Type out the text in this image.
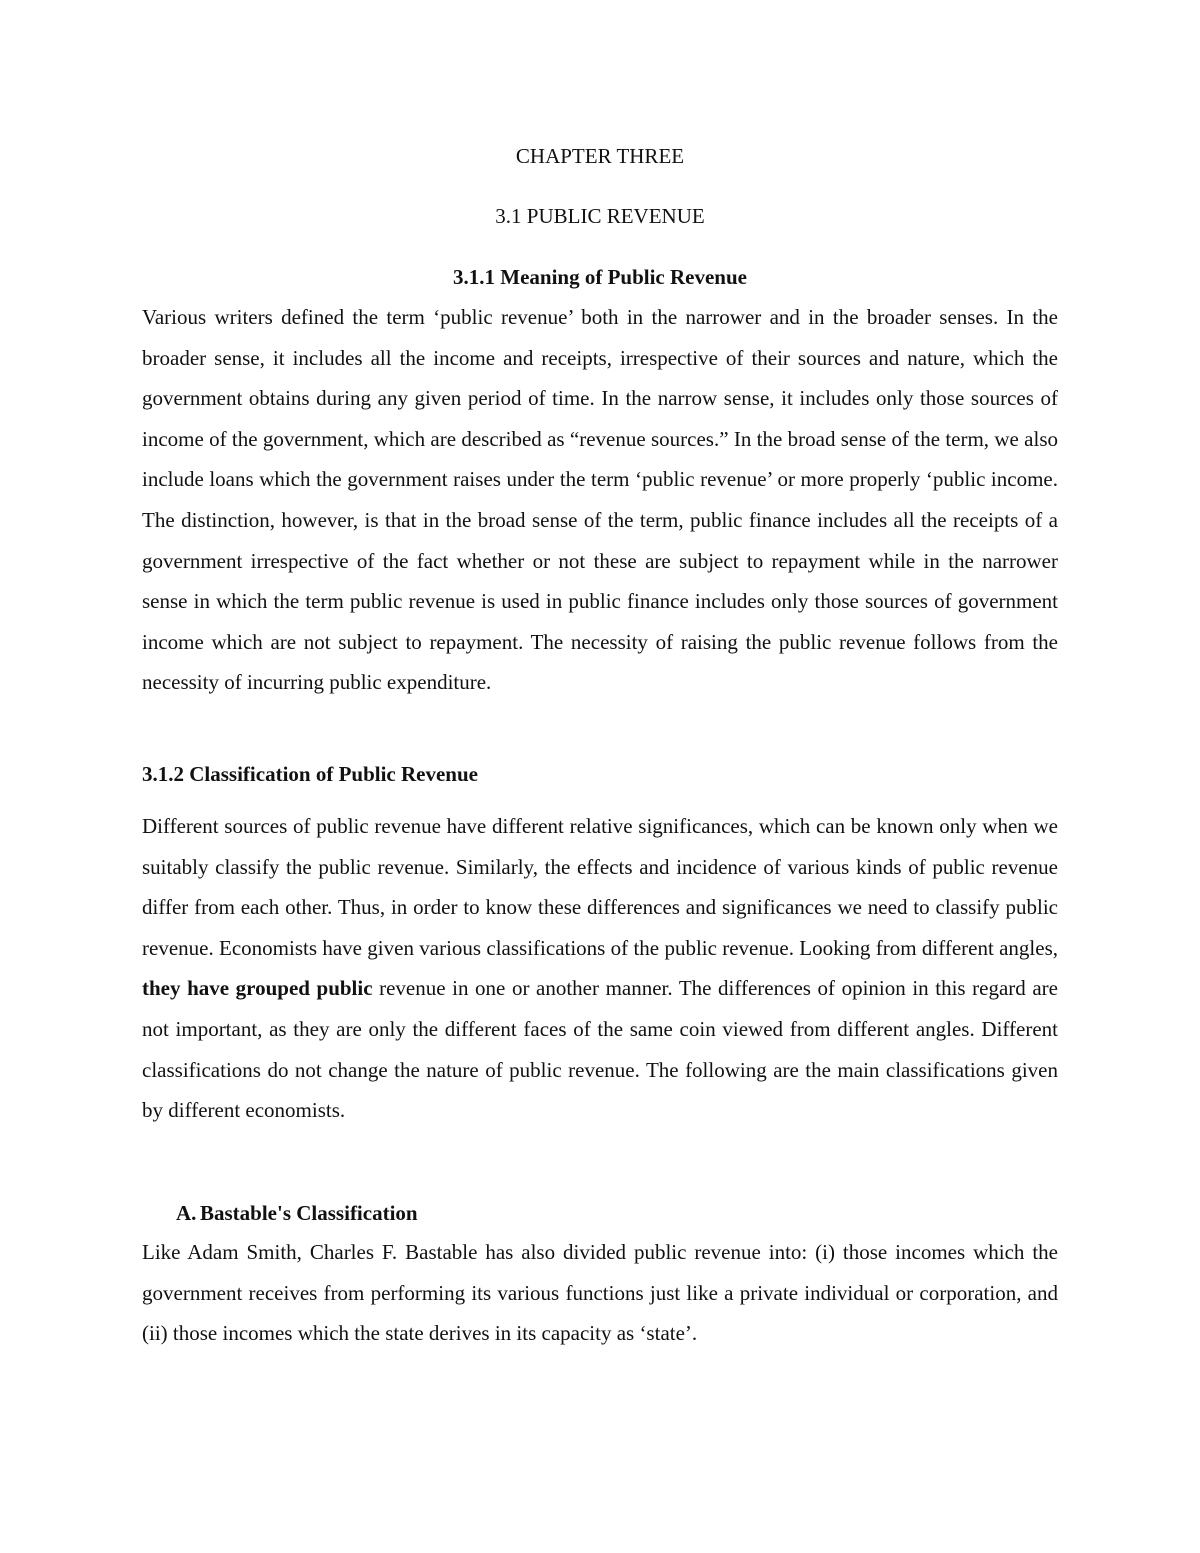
CHAPTER THREE
3.1 PUBLIC REVENUE
3.1.1 Meaning of Public Revenue

Various writers defined the term ‘public revenue’ both in the narrower and in the broader senses. In the broader sense, it includes all the income and receipts, irrespective of their sources and nature, which the government obtains during any given period of time. In the narrow sense, it includes only those sources of income of the government, which are described as “revenue sources.” In the broad sense of the term, we also include loans which the government raises under the term ‘public revenue’ or more properly ‘public income. The distinction, however, is that in the broad sense of the term, public finance includes all the receipts of a government irrespective of the fact whether or not these are subject to repayment while in the narrower sense in which the term public revenue is used in public finance includes only those sources of government income which are not subject to repayment. The necessity of raising the public revenue follows from the necessity of incurring public expenditure.

3.1.2 Classification of Public Revenue

Different sources of public revenue have different relative significances, which can be known only when we suitably classify the public revenue. Similarly, the effects and incidence of various kinds of public revenue differ from each other. Thus, in order to know these differences and significances we need to classify public revenue. Economists have given various classifications of the public revenue. Looking from different angles, they have grouped public revenue in one or another manner. The differences of opinion in this regard are not important, as they are only the different faces of the same coin viewed from different angles. Different classifications do not change the nature of public revenue. The following are the main classifications given by different economists.

A. Bastable's Classification

Like Adam Smith, Charles F. Bastable has also divided public revenue into: (i) those incomes which the government receives from performing its various functions just like a private individual or corporation, and (ii) those incomes which the state derives in its capacity as ‘state’.
